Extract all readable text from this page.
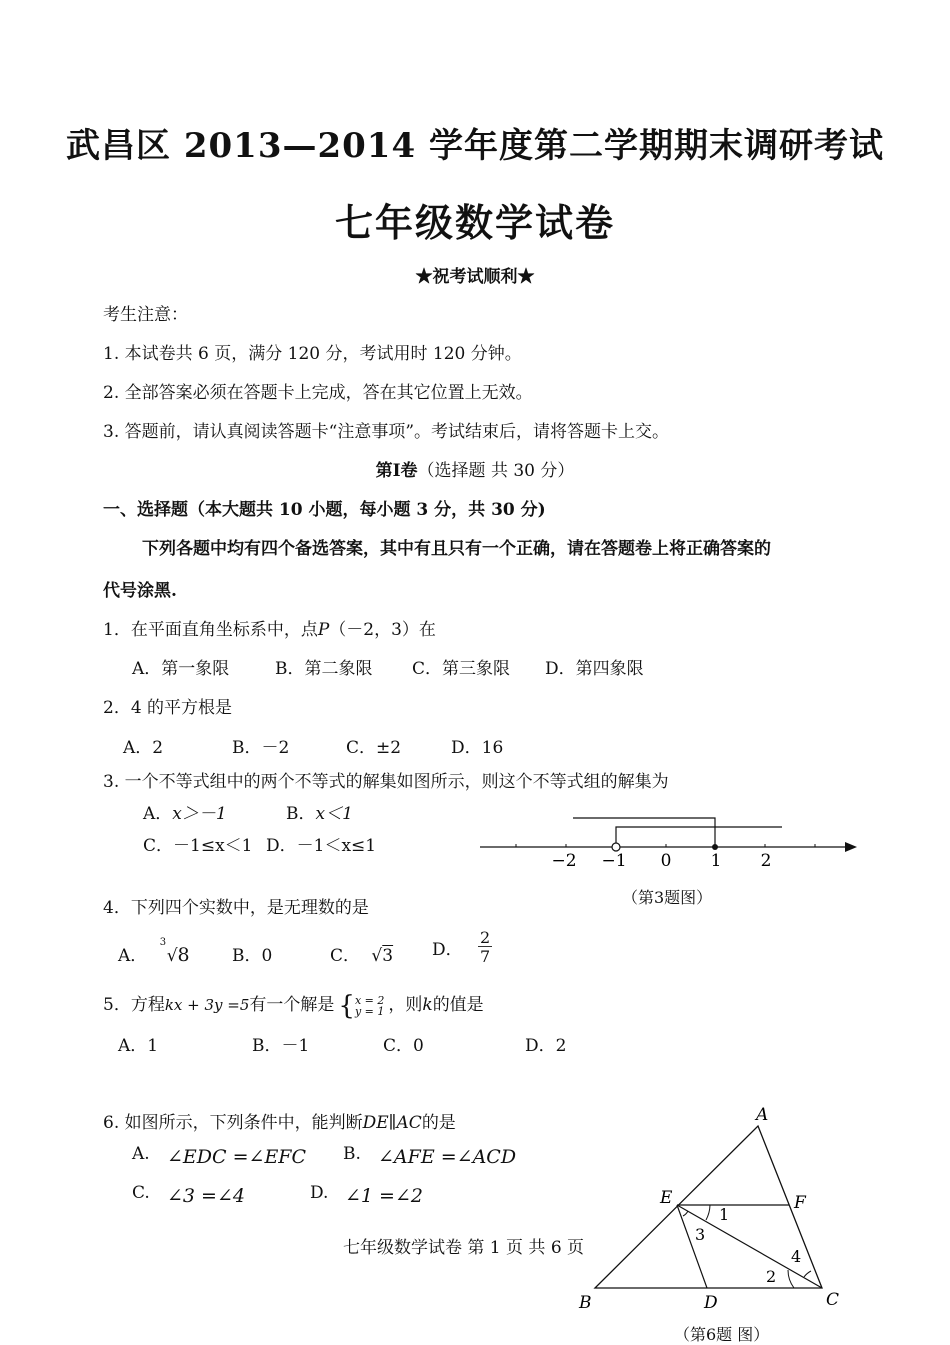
武昌区 2013—2014 学年度第二学期期末调研考试
七年级数学试卷
★祝考试顺利★
考生注意：
1. 本试卷共 6 页，满分 120 分，考试用时 120 分钟。
2. 全部答案必须在答题卡上完成，答在其它位置上无效。
3. 答题前，请认真阅读答题卡“注意事项”。考试结束后，请将答题卡上交。
第Ⅰ卷（选择题 共 30 分）
一、选择题（本大题共 10 小题，每小题 3 分，共 30 分)
下列各题中均有四个备选答案，其中有且只有一个正确，请在答题卷上将正确答案的
代号涂黑.
1．在平面直角坐标系中，点P（－2，3）在
A．第一象限	B．第二象限 C．第三象限 D．第四象限
2．4 的平方根是
A．2	B．－2	C．±2	D．16
3. 一个不等式组中的两个不等式的解集如图所示，则这个不等式组的解集为
A．x＞－1	B．x＜1
C．－1≤x＜1 D．－1＜x≤1
−2 −1 0 1 2
（第3题图）
4．下列四个实数中，是无理数的是
A．
3
√8 B．0	C． √3 D． $\frac{2}{7}$
5．方程kx + 3y =5有一个解是 { x = 2
y = 1 ，则k的值是
A．1	B．－1	C．0	D．2
6. 如图所示，下列条件中，能判断DE∥AC的是
A. ∠EDC =∠EFC B. ∠AFE =∠ACD
C. ∠3 =∠4	D. ∠1 =∠2
七年级数学试卷 第 1 页 共 6 页
A
E	F
B	D	C
1
2
3
4
（第6题 图）
